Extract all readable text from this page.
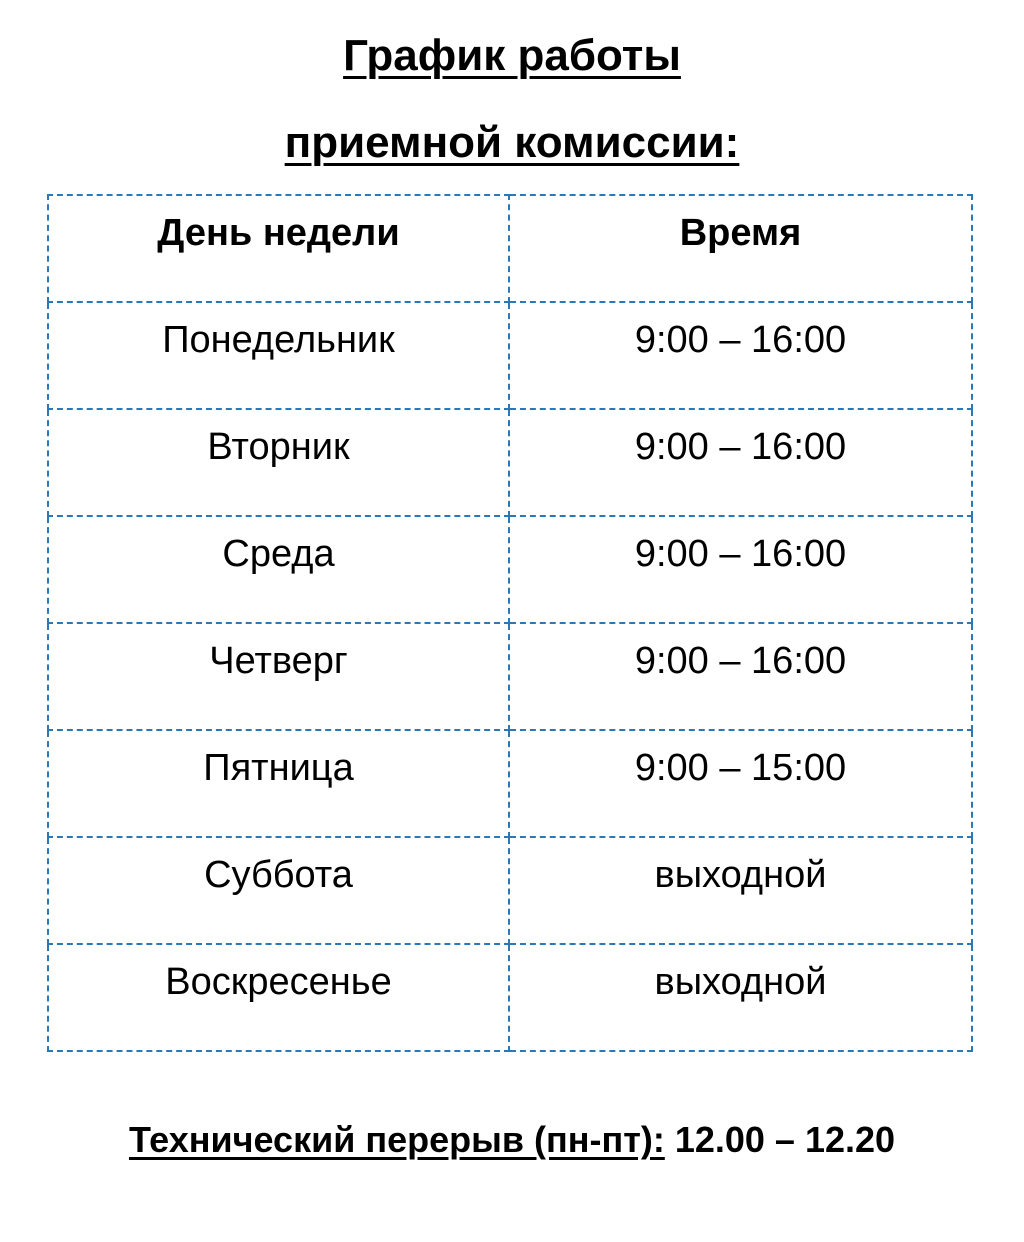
График работы
приемной комиссии:
День недели	Время

Понедельник	9:00 – 16:00

Вторник	9:00 – 16:00

Среда	9:00 – 16:00

Четверг	9:00 – 16:00

Пятница	9:00 – 15:00

Суббота	выходной

Воскресенье	выходной
Технический перерыв (пн-пт): 12.00 – 12.20
